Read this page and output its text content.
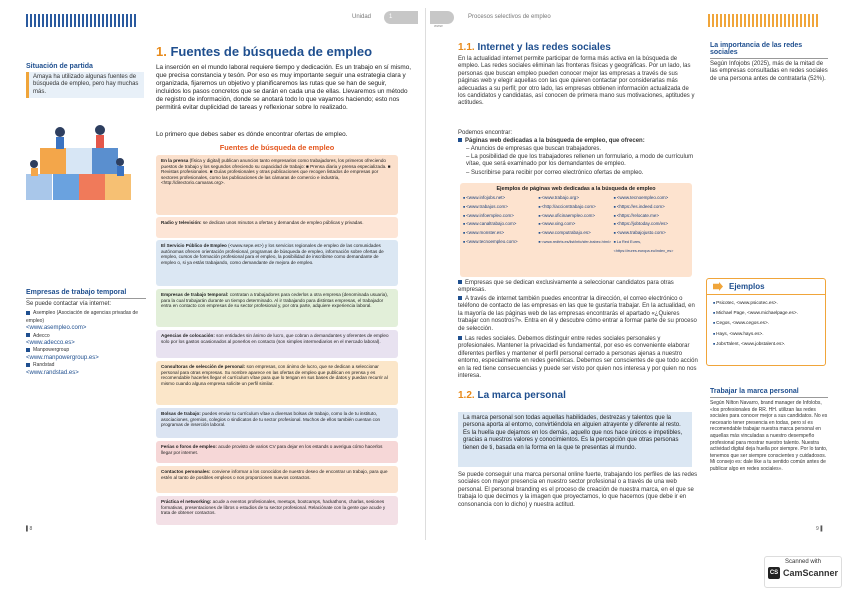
Unidad	1
Situación de partida
Amaya ha utilizado algunas fuentes de búsqueda de empleo, pero hay muchas más.
1. Fuentes de búsqueda de empleo
La inserción en el mundo laboral requiere tiempo y dedicación. Es un trabajo en sí mismo, que precisa constancia y tesón. Por eso es muy importante seguir una estrategia clara y organizada, fijaremos un objetivo y planificaremos las rutas que se han de seguir, incluidos los pasos concretos que se darán en cada una de ellas. Llevaremos un método de registro de información, donde se anotará todo lo que vayamos haciendo; esto nos permitirá evitar duplicidad de tareas y reflexionar sobre lo realizado.
Lo primero que debes saber es dónde encontrar ofertas de empleo.
Fuentes de búsqueda de empleo
En la prensa (física y digital) publican anuncios tanto empresarios como trabajadores, los primeros ofreciendo puestos de trabajo y los segundos ofreciendo su capacidad de trabajo: ■ Prensa diaria y prensa especializada. ■ Revistas profesionales. ■ Guías profesionales y otras publicaciones que recogen listados de empresas por sectores profesionales, como las publicaciones de las cámaras de comercio e industria, <http://directorio.camaras.org>.
Radio y televisión: se dedican unos minutos a ofertas y demandas de empleo públicas y privadas.
El Servicio Público de Empleo (<www.sepe.es>) y los servicios regionales de empleo de las comunidades autónomas ofrecen orientación profesional, programas de búsqueda de empleo, información sobre ofertas de empleo, cursos de formación profesional para el empleo, la posibilidad de inscribirse como demandante de empleo o, si ya estás trabajando, como demandante de mejora de empleo.
Empresas de trabajo temporal: contratan a trabajadores para cederlos a otra empresa (denominada usuaria), para la cual trabajarán durante un tiempo determinado. Al ir trabajando para distintas empresas, el trabajador entra en contacto con empresas de su sector profesional y, por otra parte, adquiere experiencia laboral.
Agencias de colocación: son entidades sin ánimo de lucro, que cobran a demandantes y oferentes de empleo solo por los gastos ocasionados al ponerlos en contacto (son simples intermediarios en el mercado laboral).
Consultoras de selección de personal: son empresas, con ánimo de lucro, que se dedican a seleccionar personal para otras empresas. Su nombre aparece en las ofertas de empleo que publican en prensa y es recomendable hacerles llegar el currículum vítae para que lo tengan en sus bases de datos y puedan recurrir al mismo cuando alguna empresa solicite un perfil similar.
Bolsas de trabajo: puedes enviar tu currículum vítae a diversas bolsas de trabajo, como la de tu instituto, asociaciones, gremios, colegios o sindicatos de tu sector profesional. Muchos de ellos también cuentan con programas de inserción laboral.
Ferias o foros de empleo: acude provisto de varios CV para dejar en los estands o averigua cómo hacerlos llegar por internet.
Contactos personales: conviene informar a los conocidos de nuestro deseo de encontrar un trabajo, para que estén al tanto de posibles empleos o nos proporcionen nuevos contactos.
Práctica el networking: acude a eventos profesionales, meetups, bootcamps, hackathons, charlas, sesiones formativas, presentaciones de libros o estudios de tu sector profesional. Relaciónate con la gente que acude y trata de obtener contactos.
Empresas de trabajo temporal
Se puede contactar vía internet:
Asempleo (Asociación de agencias privadas de empleo)
<www.asempleo.com>
Adecco
<www.adecco.es>
Manpowergroup
<www.manpowergroup.es>
Randstad
<www.randstad.es>
▌8
www
Procesos selectivos de empleo
1.1. Internet y las redes sociales
En la actualidad internet permite participar de forma más activa en la búsqueda de empleo. Las redes sociales eliminan las fronteras físicas y geográficas. Por un lado, las personas que buscan empleo pueden conocer mejor las empresas a través de sus páginas web y elegir aquellas con las que quieren contactar por considerarlas más adecuadas a su perfil; por otro lado, las empresas obtienen información actualizada de los candidatos y candidatas, así conocen de primera mano sus motivaciones, aptitudes y actitudes.
Podemos encontrar:
Páginas web dedicadas a la búsqueda de empleo, que ofrecen:
– Anuncios de empresas que buscan trabajadores.
– La posibilidad de que los trabajadores rellenen un formulario, a modo de currículum vítae, que será examinado por los demandantes de empleo.
– Suscribirse para recibir por correo electrónico ofertas de empleo.
Ejemplos de páginas web dedicadas a la búsqueda de empleo
■ <www.infojobs.net>
■ <www.trabajos.com>
■ <www.infoempleo.com>
■ <www.canaltrabajo.com>
■ <www.monster.es>
■ <www.tecnoempleo.com>
■ <www.trabajo.org>
■ <http://accionttrabajo.com>
■ <www.oficinaempleo.com>
■ <www.xing.com>
■ <www.computrabajo.es>
■ <www.redtrts.es/list/info/sfer-trabec.html>
■ <www.tecnoempleo.com>
■ <https://es.indeed.com>
■ <https://relocate.me>
■ <https://jobtoday.com/es>
■ <www.trabajojusto.com>
■ La Red Eures, <https://eures.europa.eu/index_es>
Empresas que se dedican exclusivamente a seleccionar candidatos para otras empresas.
A través de internet también puedes encontrar la dirección, el correo electrónico o teléfono de contacto de las empresas en las que te gustaría trabajar. En la actualidad, en la mayoría de las páginas web de las empresas encontrarás el apartado «¿Quieres trabajar con nosotros?». Entra en él y descubre cómo entrar a formar parte de su proceso de selección.
Las redes sociales. Debemos distinguir entre redes sociales personales y profesionales. Mantener la privacidad es fundamental, por eso es conveniente elaborar diferentes perfiles y mantener el perfil personal cerrado a personas ajenas a nuestro entorno, especialmente en redes genéricas. Debemos ser conscientes de que todo acción en la red tiene consecuencias y puede ser visto por quien nos interesa y por quien no nos interesa.
1.2. La marca personal
La marca personal son todas aquellas habilidades, destrezas y talentos que la persona aporta al entorno, convirtiéndola en alguien atrayente y diferente al resto. Es la huella que dejamos en los demás, aquello que nos hace únicos e impetibles, gracias a nuestros valores y conocimientos. Es la percepción que otras personas tienen de ti, basada en la forma en la que te presentas al mundo.
Se puede conseguir una marca personal online fuerte, trabajando los perfiles de las redes sociales con mayor presencia en nuestro sector profesional o a través de una web personal. El personal branding es el proceso de creación de nuestra marca, en el que se trabaja lo que decimos y la imagen que proyectamos, lo que hacemos (que debe ir en consonancia con lo dicho) y nuestra actitud.
La importancia de las redes sociales
Según Infojobs (2025), más de la mitad de las empresas consultadas en redes sociales de una persona antes de contratarla (52%).
Ejemplos
■ Psicotec, <www.psicotec.es>.
■ Michael Page, <www.michaelpage.es>.
■ Cegos, <www.cegos.es>.
■ Hays, <www.hays.es>.
■ JobsTalent, <www.jobstalent.es>.
Trabajar la marca personal
Según Nilton Navarro, brand manager de Infolobs, «los profesionales de RR. HH. utilizan las redes sociales para conocer mejor a sus candidatos. No es necesario tener presencia en todas, pero sí es recomendable trabajar nuestra marca personal en aquellas más vinculadas a nuestro desempeño profesional para mostrar nuestro talento. Nuestra actividad digital deja huella por siempre. Por lo tanto, tenemos que ser siempre conscientes y cuidadosos. Mi consejo es: dale like a tu sentido común antes de publicar algo en redes sociales».
9▐
Scanned with
CS CamScanner
